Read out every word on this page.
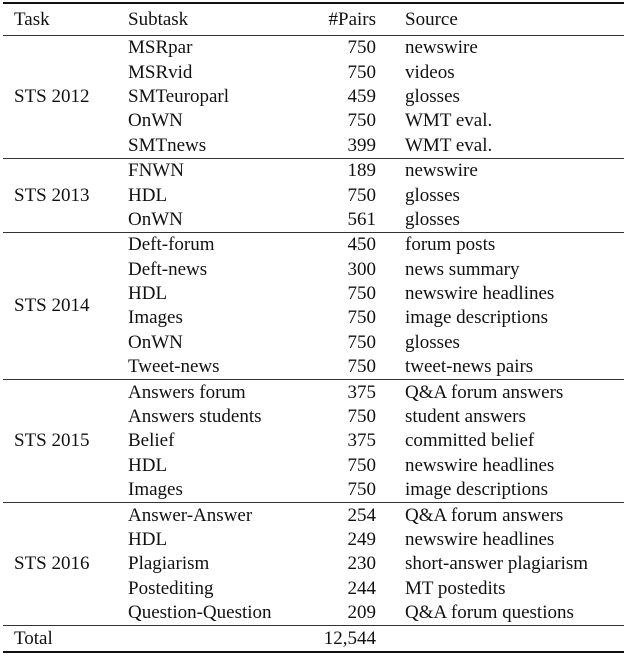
Task	Subtask	#Pairs	Source
STS 2012	MSRpar	750	newswire
	MSRvid	750	videos
	SMTeuroparl	459	glosses
	OnWN	750	WMT eval.
	SMTnews	399	WMT eval.
STS 2013	FNWN	189	newswire
	HDL	750	glosses
	OnWN	561	glosses
STS 2014	Deft-forum	450	forum posts
	Deft-news	300	news summary
	HDL	750	newswire headlines
	Images	750	image descriptions
	OnWN	750	glosses
	Tweet-news	750	tweet-news pairs
STS 2015	Answers forum	375	Q&A forum answers
	Answers students	750	student answers
	Belief	375	committed belief
	HDL	750	newswire headlines
	Images	750	image descriptions
STS 2016	Answer-Answer	254	Q&A forum answers
	HDL	249	newswire headlines
	Plagiarism	230	short-answer plagiarism
	Postediting	244	MT postedits
	Question-Question	209	Q&A forum questions
Total		12,544	
